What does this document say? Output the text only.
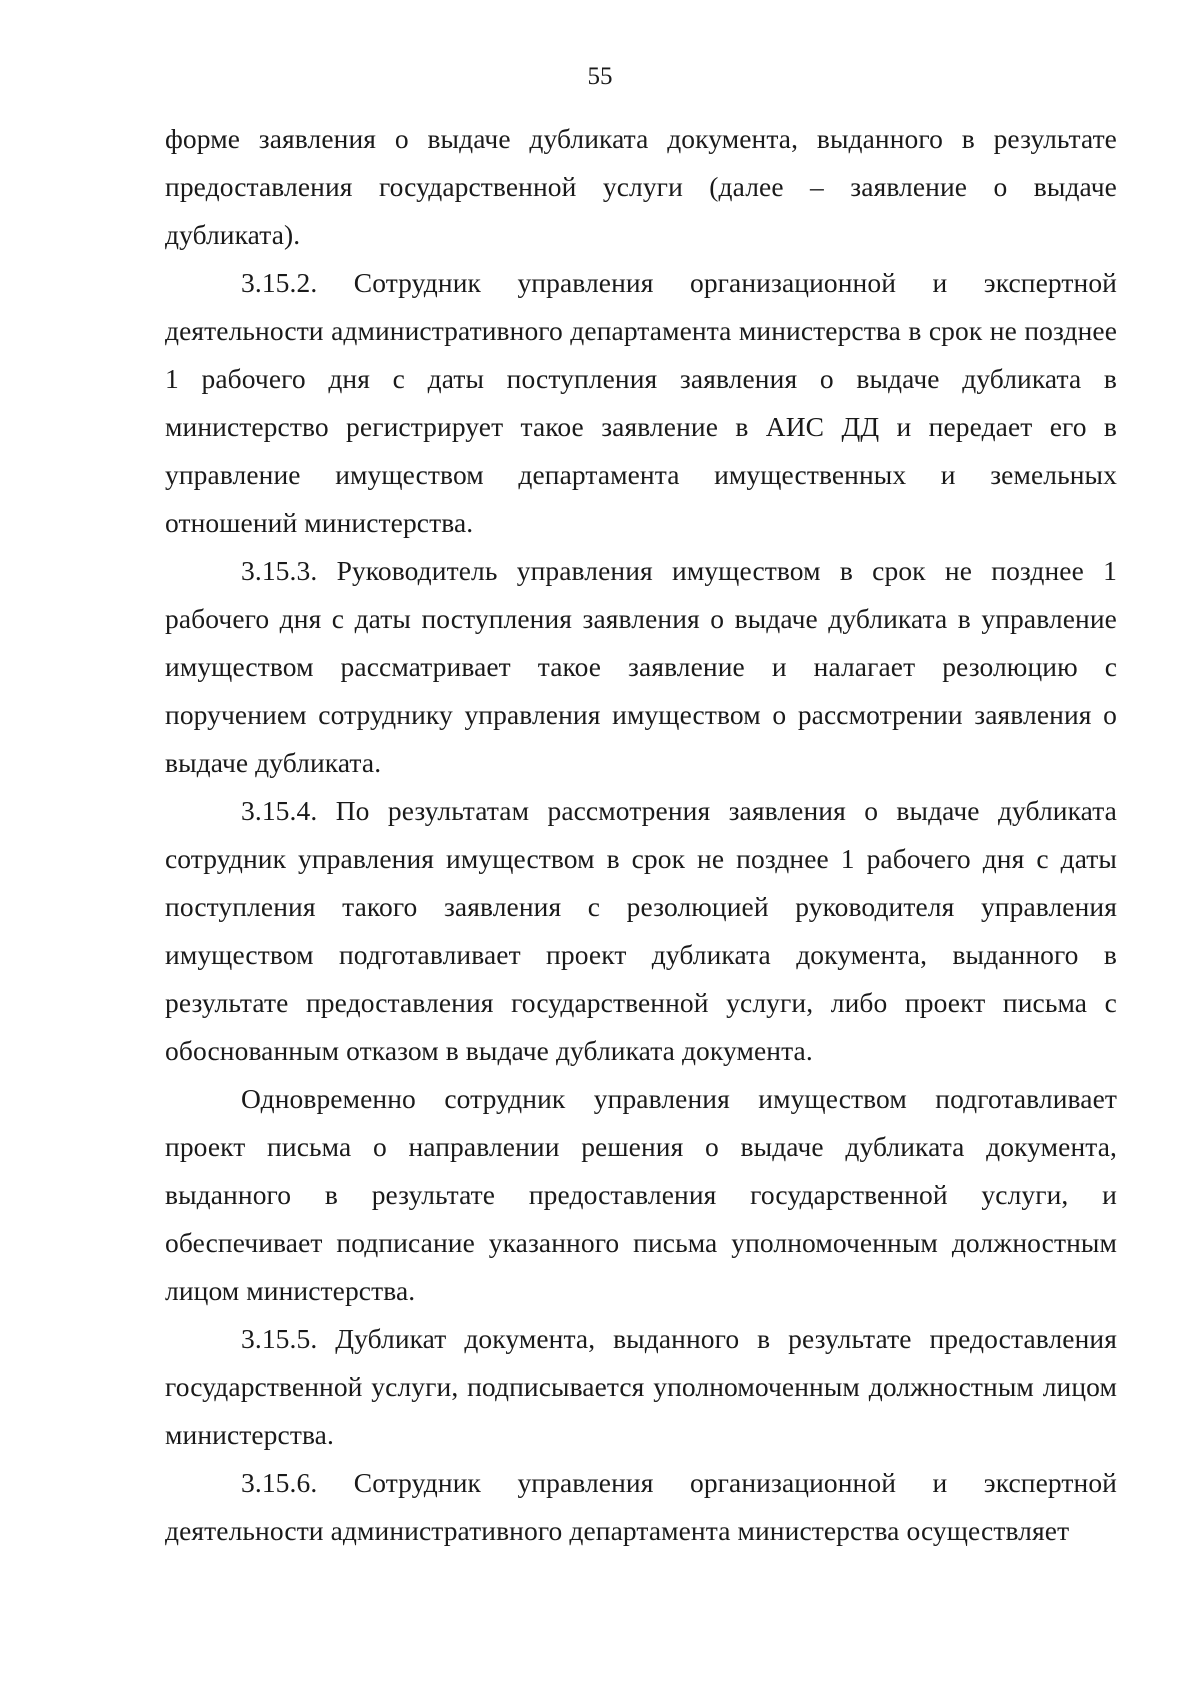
55

форме заявления о выдаче дубликата документа, выданного в результате предоставления государственной услуги (далее – заявление о выдаче дубликата).

3.15.2. Сотрудник управления организационной и экспертной деятельности административного департамента министерства в срок не позднее 1 рабочего дня с даты поступления заявления о выдаче дубликата в министерство регистрирует такое заявление в АИС ДД и передает его в управление имуществом департамента имущественных и земельных отношений министерства.

3.15.3. Руководитель управления имуществом в срок не позднее 1 рабочего дня с даты поступления заявления о выдаче дубликата в управление имуществом рассматривает такое заявление и налагает резолюцию с поручением сотруднику управления имуществом о рассмотрении заявления о выдаче дубликата.

3.15.4. По результатам рассмотрения заявления о выдаче дубликата сотрудник управления имуществом в срок не позднее 1 рабочего дня с даты поступления такого заявления с резолюцией руководителя управления имуществом подготавливает проект дубликата документа, выданного в результате предоставления государственной услуги, либо проект письма с обоснованным отказом в выдаче дубликата документа.

Одновременно сотрудник управления имуществом подготавливает проект письма о направлении решения о выдаче дубликата документа, выданного в результате предоставления государственной услуги, и обеспечивает подписание указанного письма уполномоченным должностным лицом министерства.

3.15.5. Дубликат документа, выданного в результате предоставления государственной услуги, подписывается уполномоченным должностным лицом министерства.

3.15.6. Сотрудник управления организационной и экспертной деятельности административного департамента министерства осуществляет
